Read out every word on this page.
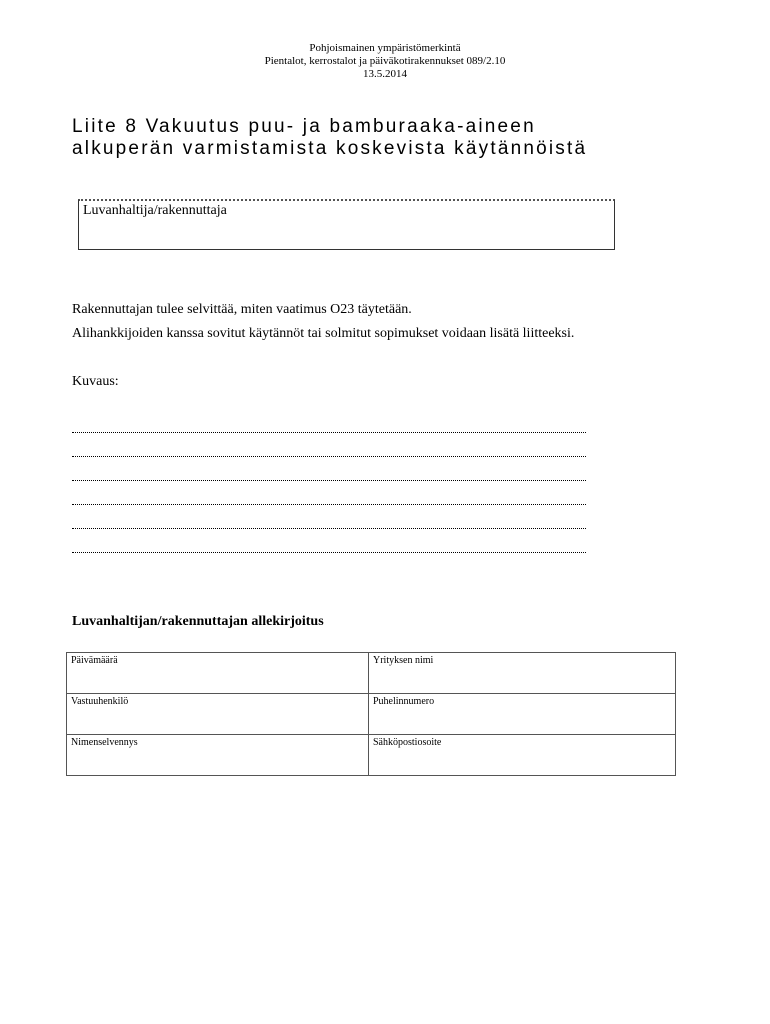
Pohjoismainen ympäristömerkintä
Pientalot, kerrostalot ja päiväkotirakennukset 089/2.10
13.5.2014
Liite 8 Vakuutus puu- ja bamburaaka-aineen
alkuperän varmistamista koskevista käytännöistä
Luvanhaltija/rakennuttaja

Rakennuttajan tulee selvittää, miten vaatimus O23 täytetään.

Alihankkijoiden kanssa sovitut käytännöt tai solmitut sopimukset voidaan lisätä liitteeksi.

Kuvaus:

Luvanhaltijan/rakennuttajan allekirjoitus
Päivämäärä	Yrityksen nimi
Vastuuhenkilö	Puhelinnumero
Nimenselvennys	Sähköpostiosoite
